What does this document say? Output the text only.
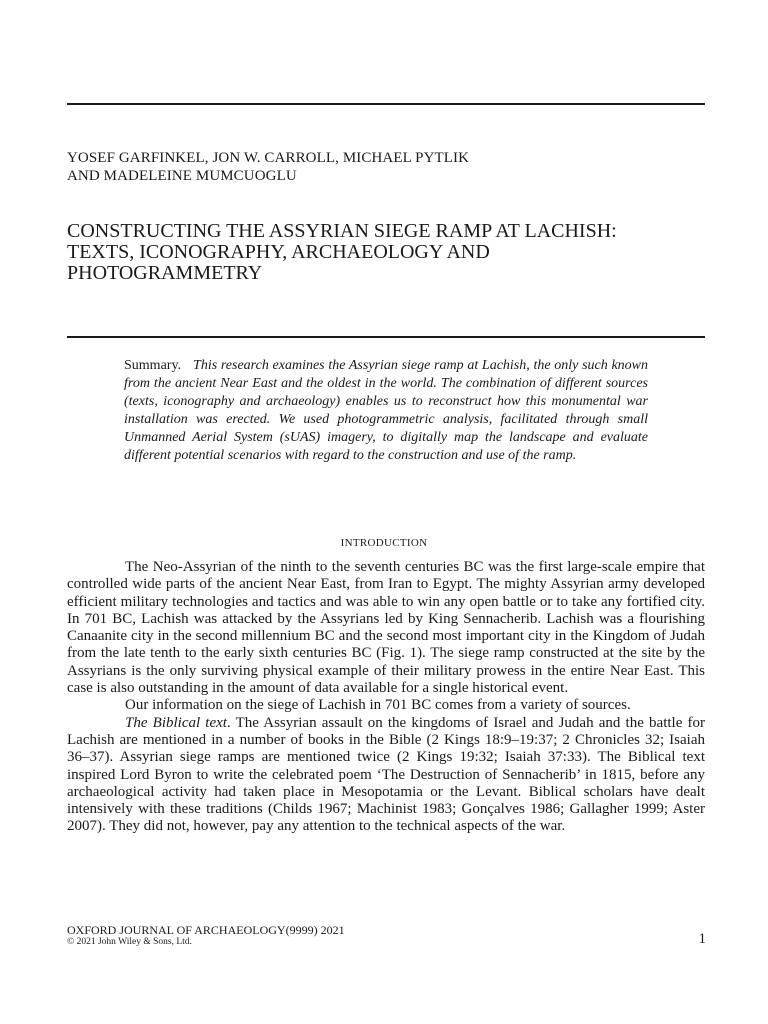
YOSEF GARFINKEL, JON W. CARROLL, MICHAEL PYTLIK
AND MADELEINE MUMCUOGLU
CONSTRUCTING THE ASSYRIAN SIEGE RAMP AT LACHISH:
TEXTS, ICONOGRAPHY, ARCHAEOLOGY AND
PHOTOGRAMMETRY
Summary. This research examines the Assyrian siege ramp at Lachish, the only such known from the ancient Near East and the oldest in the world. The combination of different sources (texts, iconography and archaeology) enables us to reconstruct how this monumental war installation was erected. We used photogrammetric analysis, facilitated through small Unmanned Aerial System (sUAS) imagery, to digitally map the landscape and evaluate different potential scenarios with regard to the construction and use of the ramp.
INTRODUCTION

The Neo-Assyrian of the ninth to the seventh centuries BC was the first large-scale empire that controlled wide parts of the ancient Near East, from Iran to Egypt. The mighty Assyrian army developed efficient military technologies and tactics and was able to win any open battle or to take any fortified city. In 701 BC, Lachish was attacked by the Assyrians led by King Sennacherib. Lachish was a flourishing Canaanite city in the second millennium BC and the second most important city in the Kingdom of Judah from the late tenth to the early sixth centuries BC (Fig. 1). The siege ramp constructed at the site by the Assyrians is the only surviving physical example of their military prowess in the entire Near East. This case is also outstanding in the amount of data available for a single historical event.

Our information on the siege of Lachish in 701 BC comes from a variety of sources.

The Biblical text. The Assyrian assault on the kingdoms of Israel and Judah and the battle for Lachish are mentioned in a number of books in the Bible (2 Kings 18:9–19:37; 2 Chronicles 32; Isaiah 36–37). Assyrian siege ramps are mentioned twice (2 Kings 19:32; Isaiah 37:33). The Biblical text inspired Lord Byron to write the celebrated poem ‘The Destruction of Sennacherib’ in 1815, before any archaeological activity had taken place in Mesopotamia or the Levant. Biblical scholars have dealt intensively with these traditions (Childs 1967; Machinist 1983; Gonçalves 1986; Gallagher 1999; Aster 2007). They did not, however, pay any attention to the technical aspects of the war.

OXFORD JOURNAL OF ARCHAEOLOGY(9999) 2021
© 2021 John Wiley & Sons, Ltd.	1
